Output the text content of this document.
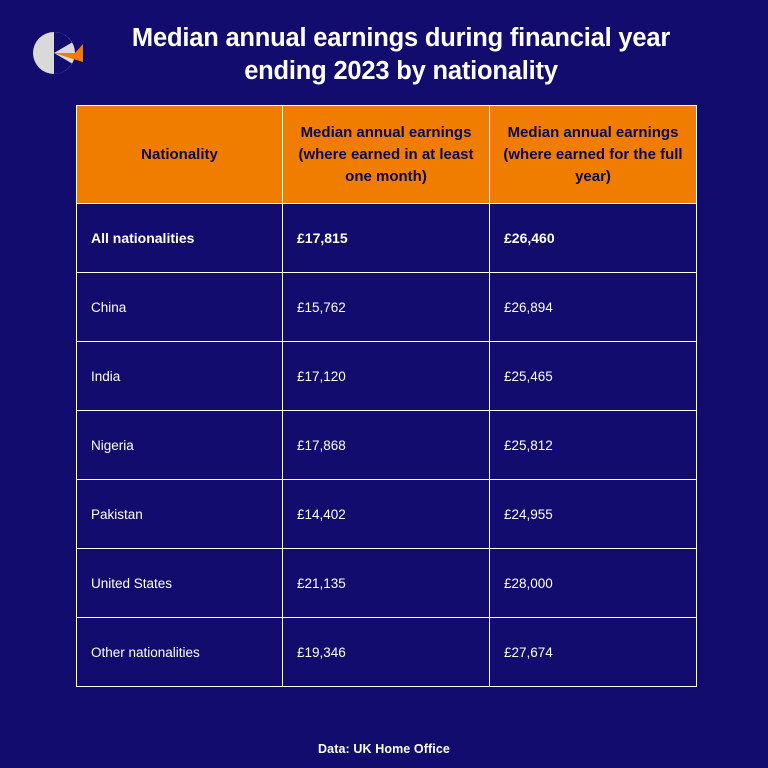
Median annual earnings during financial year ending 2023 by nationality
Nationality	Median annual earnings (where earned in at least one month)	Median annual earnings (where earned for the full year)
All nationalities	£17,815	£26,460
China	£15,762	£26,894
India	£17,120	£25,465
Nigeria	£17,868	£25,812
Pakistan	£14,402	£24,955
United States	£21,135	£28,000
Other nationalities	£19,346	£27,674
Data: UK Home Office
